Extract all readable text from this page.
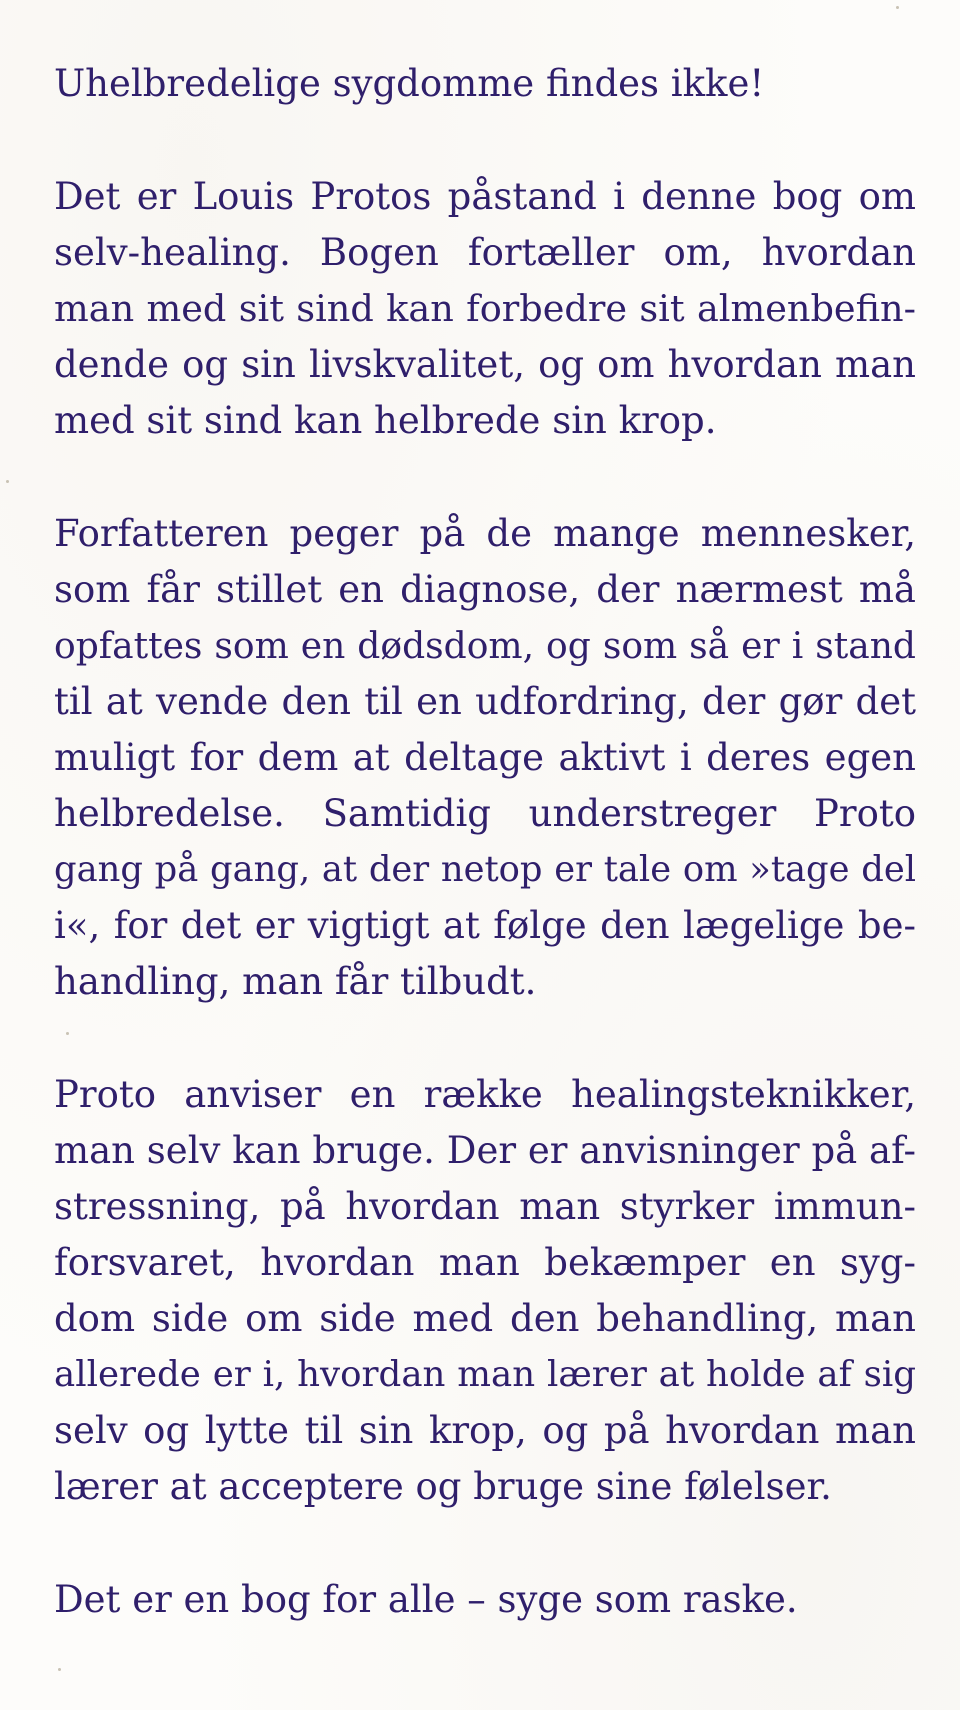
Uhelbredelige sygdomme findes ikke!
Det er Louis Protos påstand i denne bog om
selv-healing. Bogen fortæller om, hvordan
man med sit sind kan forbedre sit almenbefin-
dende og sin livskvalitet, og om hvordan man
med sit sind kan helbrede sin krop.
Forfatteren peger på de mange mennesker,
som får stillet en diagnose, der nærmest må
opfattes som en dødsdom, og som så er i stand
til at vende den til en udfordring, der gør det
muligt for dem at deltage aktivt i deres egen
helbredelse. Samtidig understreger Proto
gang på gang, at der netop er tale om »tage del
i«, for det er vigtigt at følge den lægelige be-
handling, man får tilbudt.
Proto anviser en række healingsteknikker,
man selv kan bruge. Der er anvisninger på af-
stressning, på hvordan man styrker immun-
forsvaret, hvordan man bekæmper en syg-
dom side om side med den behandling, man
allerede er i, hvordan man lærer at holde af sig
selv og lytte til sin krop, og på hvordan man
lærer at acceptere og bruge sine følelser.
Det er en bog for alle – syge som raske.
